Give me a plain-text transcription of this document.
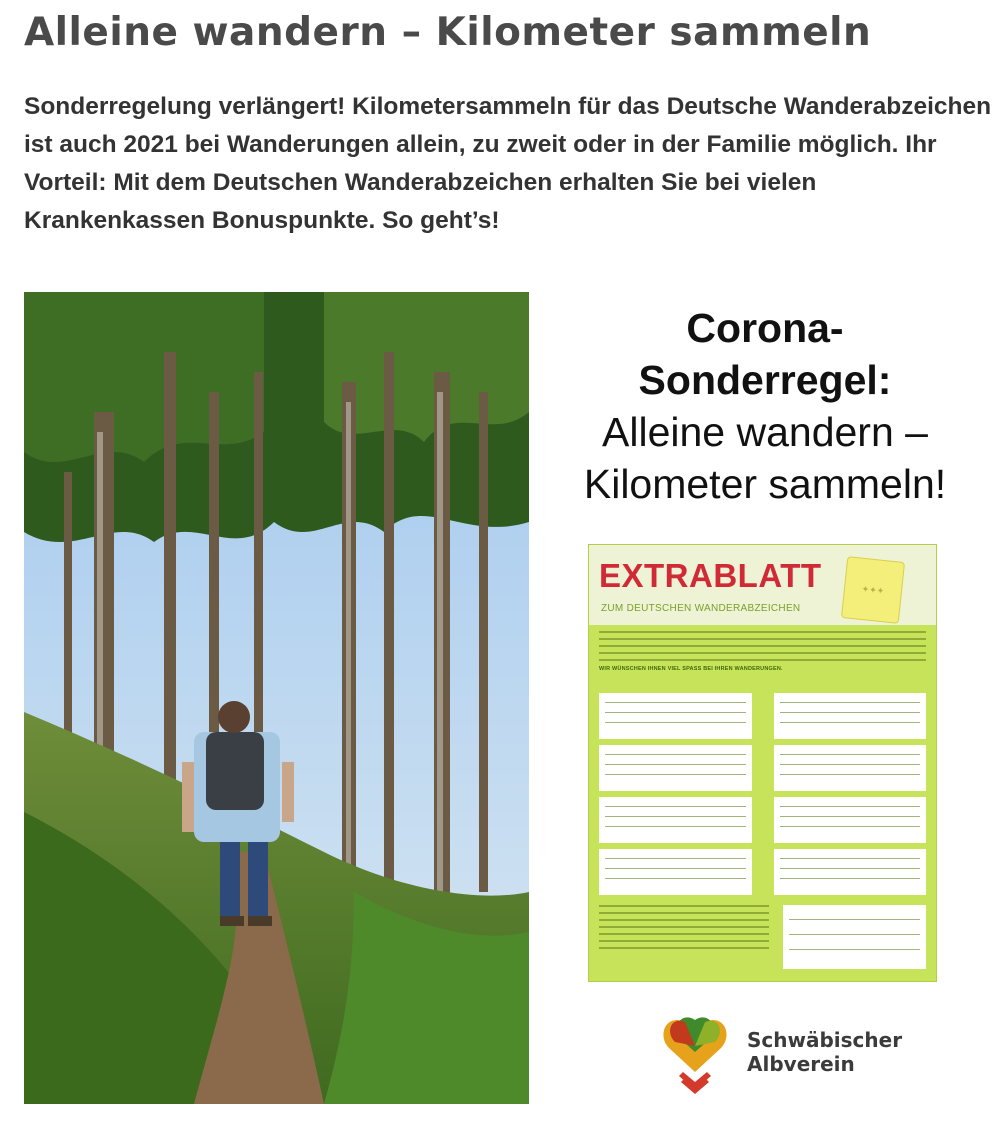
Alleine wandern – Kilometer sammeln
Sonderregelung verlängert! Kilometersammeln für das Deutsche Wanderabzeichen ist auch 2021 bei Wanderungen allein, zu zweit oder in der Familie möglich. Ihr Vorteil: Mit dem Deutschen Wanderabzeichen erhalten Sie bei vielen Krankenkassen Bonuspunkte. So geht’s!
Corona-
Sonderregel:
Alleine wandern –
Kilometer sammeln!
EXTRABLATT
ZUM DEUTSCHEN WANDERABZEICHEN
✦✦✦
WIR WÜNSCHEN IHNEN VIEL SPASS BEI IHREN WANDERUNGEN.
Schwäbischer
Albverein
